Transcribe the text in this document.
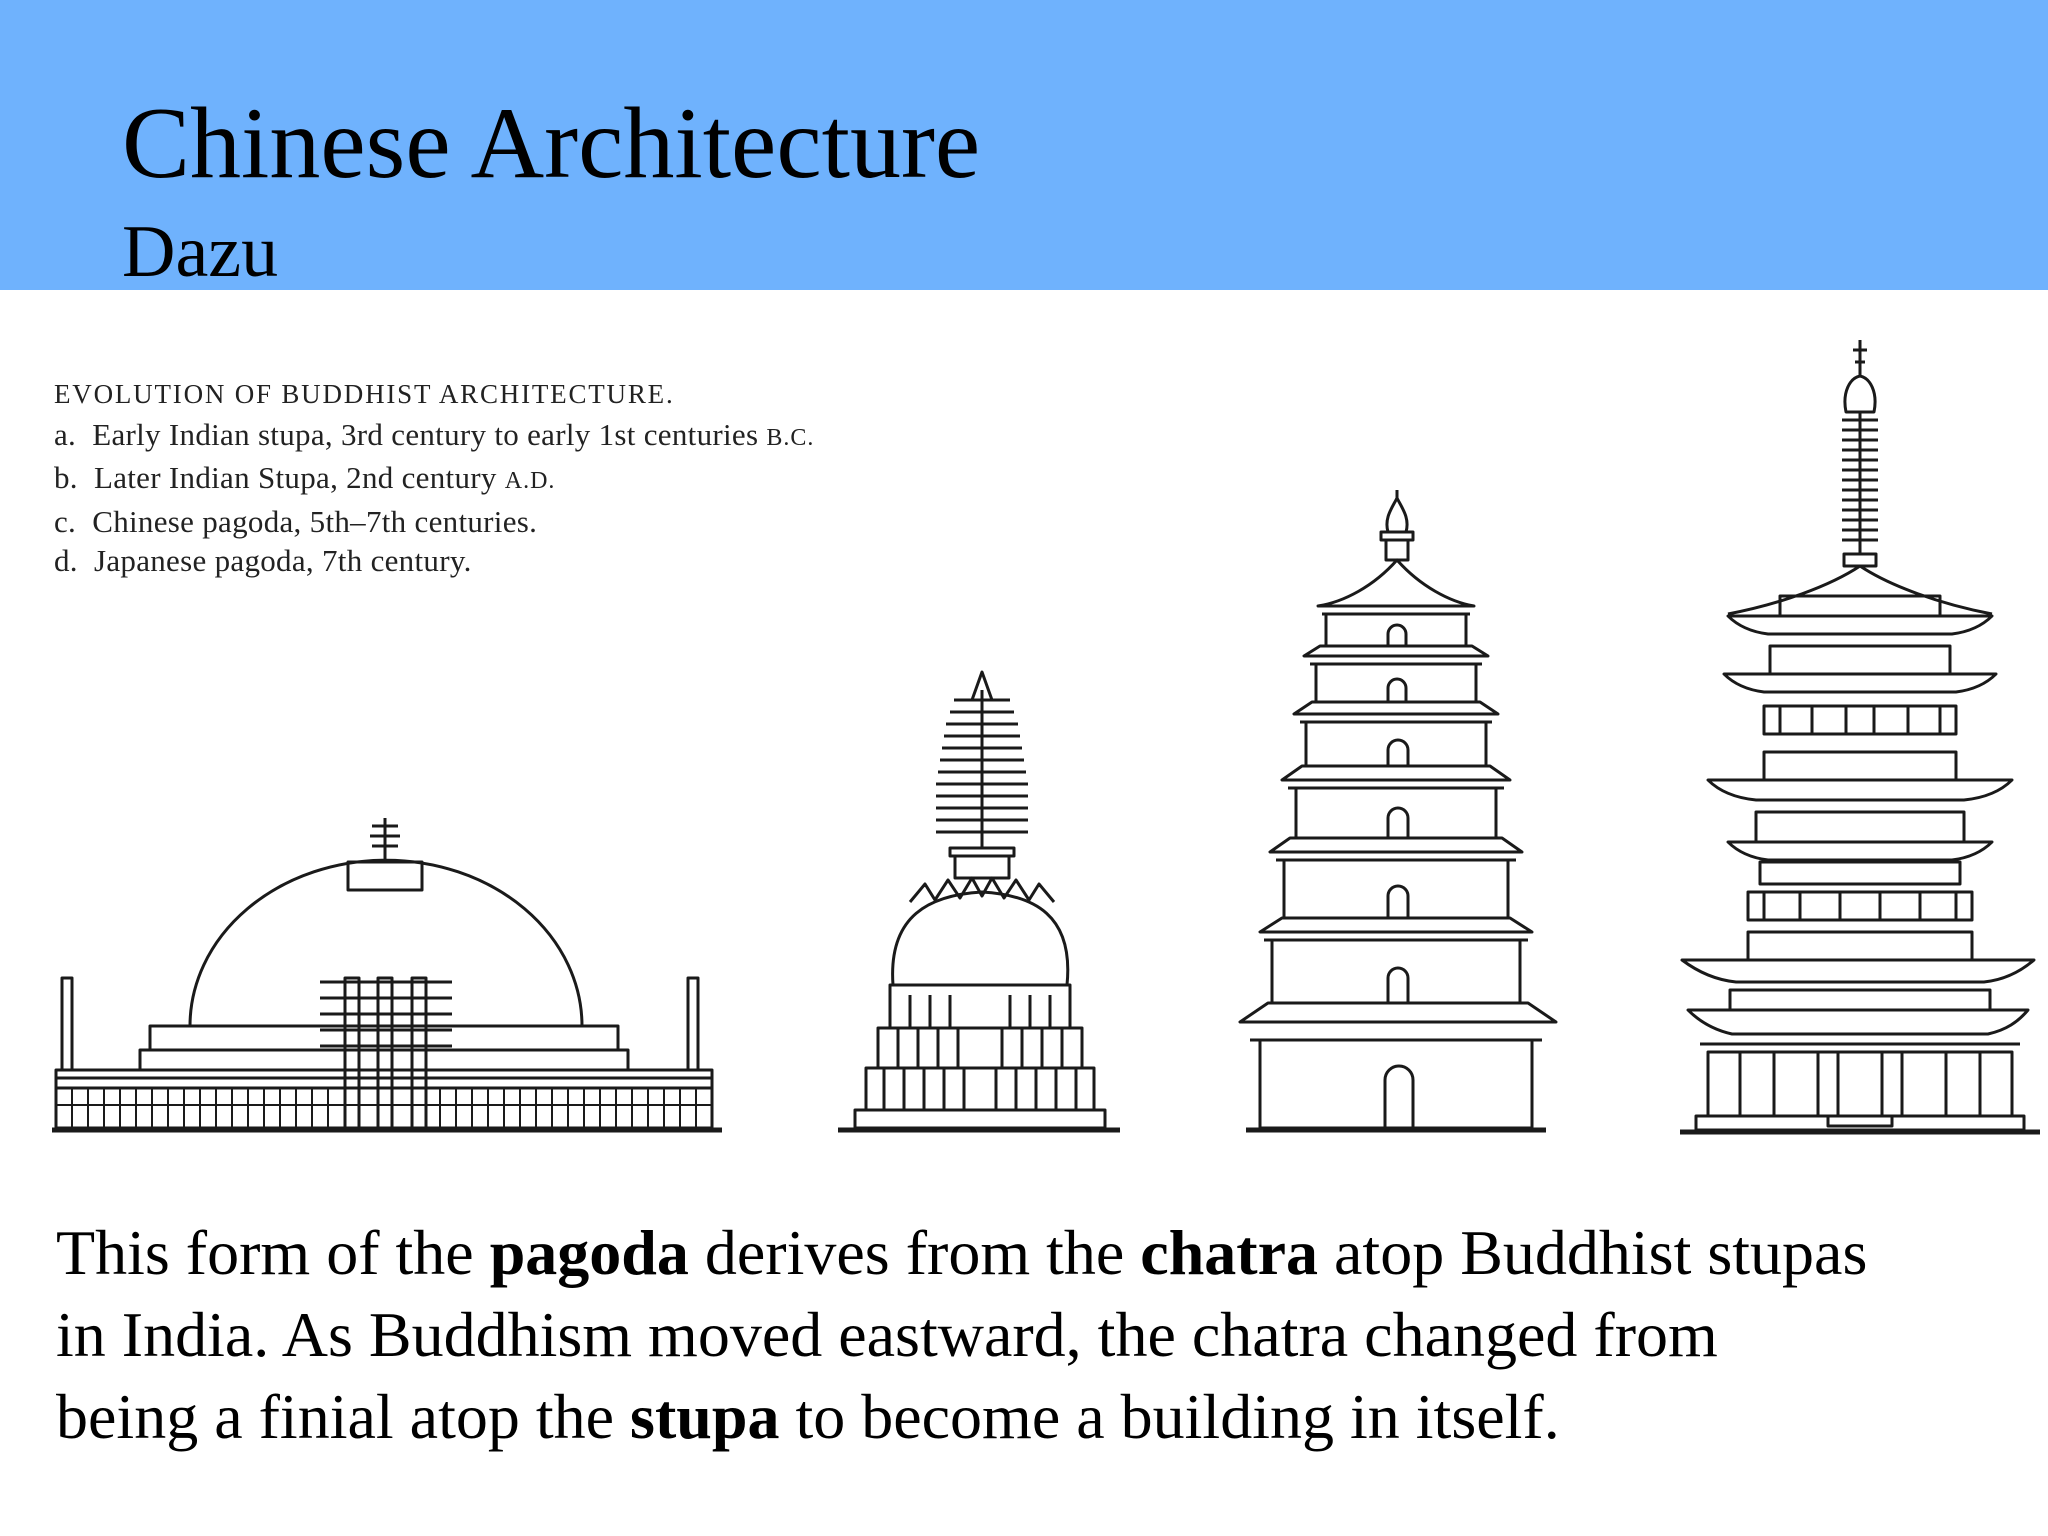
Chinese Architecture
Dazu
EVOLUTION OF BUDDHIST ARCHITECTURE.
a. Early Indian stupa, 3rd century to early 1st centuries B.C.
b. Later Indian Stupa, 2nd century A.D.
c. Chinese pagoda, 5th–7th centuries.
d. Japanese pagoda, 7th century.

This form of the pagoda derives from the chatra atop Buddhist stupas
in India. As Buddhism moved eastward, the chatra changed from
being a finial atop the stupa to become a building in itself.
